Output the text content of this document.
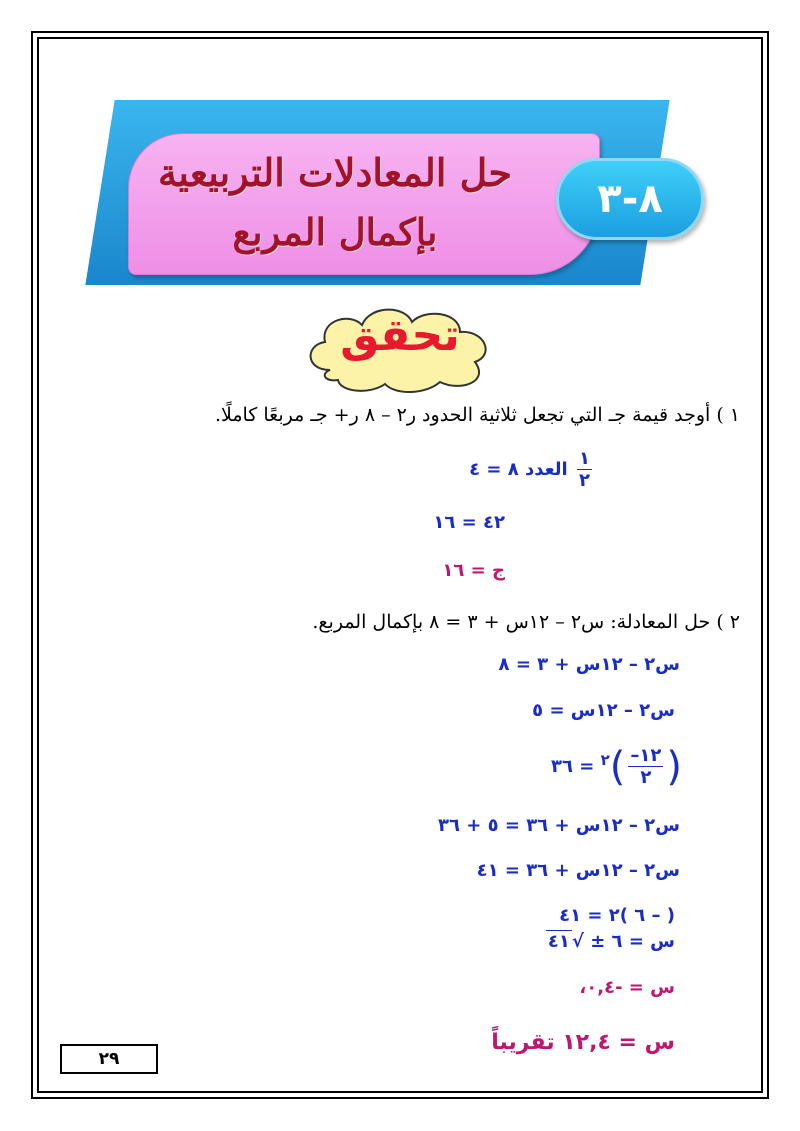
حل المعادلات التربيعية
بإكمال المربع
٨-٣
تحقق
١ ) أوجد قيمة جـ التي تجعل ثلاثية الحدود ر٢ – ٨ ر+ جـ مربعًا كاملًا.
$\frac{١}{٢}$
العدد ٨ = ٤
٤٢ = ١٦
ج = ١٦
٢ ) حل المعادلة: س٢ – ١٢س + ٣ = ٨ بإكمال المربع.
س٢ – ١٢س + ٣ = ٨
س٢ – ١٢س = ٥
(
$\frac{١٢-}{٢}$
)$^٢$ = ٣٦
س٢ – ١٢س + ٣٦ = ٥ + ٣٦
س٢ – ١٢س + ٣٦ = ٤١
( – ٦ )٢ = ٤١
س = ٦ ± √٤١
س = -٠,٤،
س = ١٢,٤ تقريباً
٢٩
